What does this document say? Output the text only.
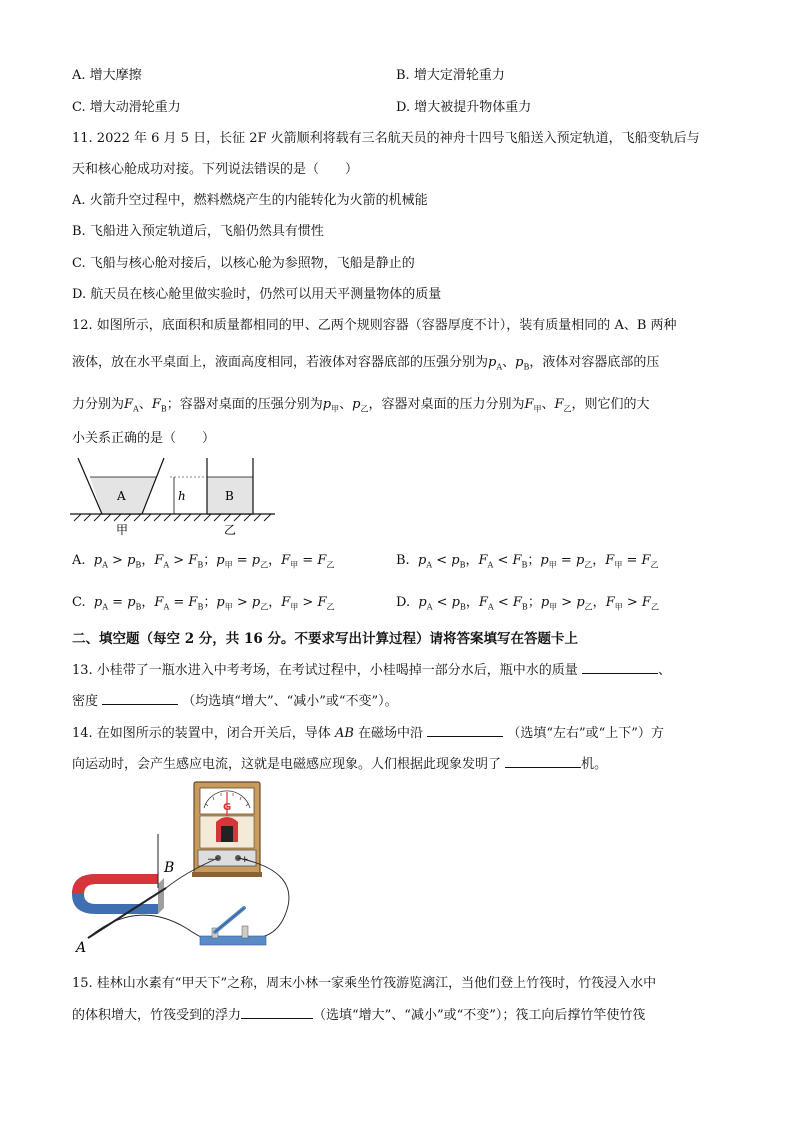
A. 增大摩擦	B. 增大定滑轮重力
C. 增大动滑轮重力	D. 增大被提升物体重力
11. 2022 年 6 月 5 日，长征 2F 火箭顺利将载有三名航天员的神舟十四号飞船送入预定轨道，飞船变轨后与
天和核心舱成功对接。下列说法错误的是（　　）
A. 火箭升空过程中，燃料燃烧产生的内能转化为火箭的机械能
B. 飞船进入预定轨道后，飞船仍然具有惯性
C. 飞船与核心舱对接后，以核心舱为参照物，飞船是静止的
D. 航天员在核心舱里做实验时，仍然可以用天平测量物体的质量
12. 如图所示，底面积和质量都相同的甲、乙两个规则容器（容器厚度不计），装有质量相同的 A、B 两种
液体，放在水平桌面上，液面高度相同，若液体对容器底部的压强分别为$p_A$、$p_B$，液体对容器底部的压
力分别为$F_A$、$F_B$；容器对桌面的压强分别为$p_甲$、$p_乙$，容器对桌面的压力分别为$F_甲$、$F_乙$，则它们的大
小关系正确的是（　　）
A	h	B
甲	乙
A. $p_A > p_B$，$F_A > F_B$；$p_甲 = p_乙$，$F_甲 = F_乙$	B. $p_A < p_B$，$F_A < F_B$；$p_甲 = p_乙$，$F_甲 = F_乙$
C. $p_A = p_B$，$F_A = F_B$；$p_甲 > p_乙$，$F_甲 > F_乙$	D. $p_A < p_B$，$F_A < F_B$；$p_甲 > p_乙$，$F_甲 > F_乙$
二、填空题（每空 2 分，共 16 分。不要求写出计算过程）请将答案填写在答题卡上
13. 小桂带了一瓶水进入中考考场，在考试过程中，小桂喝掉一部分水后，瓶中水的质量	、
密度	（均选填“增大”、“减小”或“不变”）。
14. 在如图所示的装置中，闭合开关后，导体 AB 在磁场中沿	（选填“左右”或“上下”）方
向运动时，会产生感应电流，这就是电磁感应现象。人们根据此现象发明了	机。
G
−	+
B
A
15. 桂林山水素有“甲天下”之称，周末小林一家乘坐竹筏游览漓江，当他们登上竹筏时，竹筏浸入水中
的体积增大，竹筏受到的浮力	（选填“增大”、“减小”或“不变”）；筏工向后撑竹竿使竹筏
